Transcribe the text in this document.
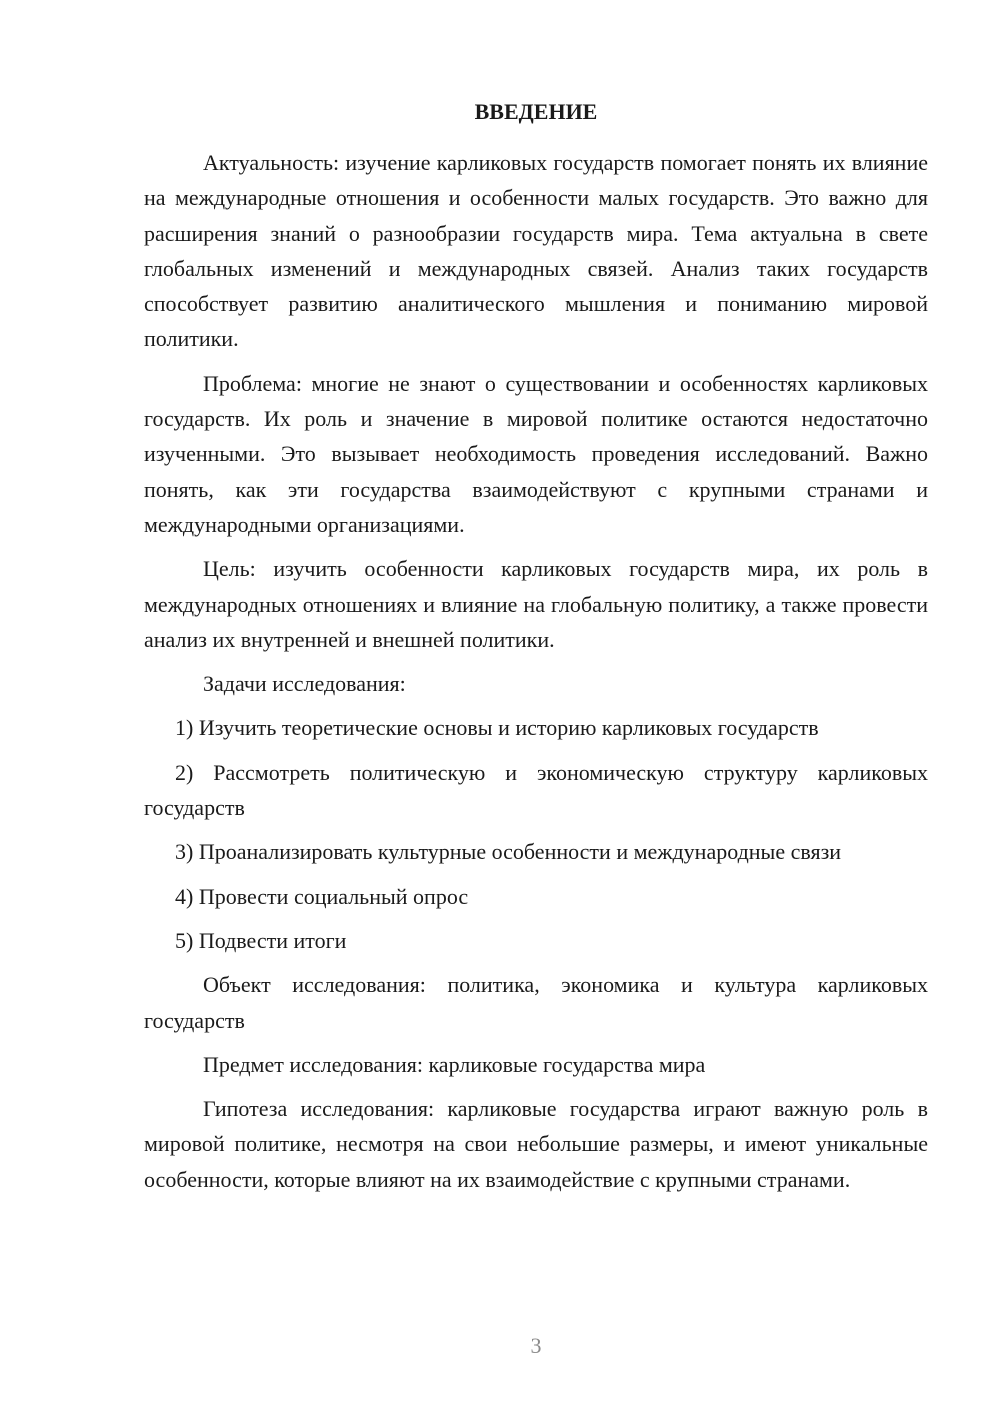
ВВЕДЕНИЕ

Актуальность: изучение карликовых государств помогает понять их влияние на международные отношения и особенности малых государств. Это важно для расширения знаний о разнообразии государств мира. Тема актуальна в свете глобальных изменений и международных связей. Анализ таких государств способствует развитию аналитического мышления и пониманию мировой политики.

Проблема: многие не знают о существовании и особенностях карликовых государств. Их роль и значение в мировой политике остаются недостаточно изученными. Это вызывает необходимость проведения исследований. Важно понять, как эти государства взаимодействуют с крупными странами и международными организациями.

Цель: изучить особенности карликовых государств мира, их роль в международных отношениях и влияние на глобальную политику, а также провести анализ их внутренней и внешней политики.

Задачи исследования:

1) Изучить теоретические основы и историю карликовых государств

2) Рассмотреть политическую и экономическую структуру карликовых государств

3) Проанализировать культурные особенности и международные связи

4) Провести социальный опрос

5) Подвести итоги

Объект исследования: политика, экономика и культура карликовых государств

Предмет исследования: карликовые государства мира

Гипотеза исследования: карликовые государства играют важную роль в мировой политике, несмотря на свои небольшие размеры, и имеют уникальные особенности, которые влияют на их взаимодействие с крупными странами.

3
